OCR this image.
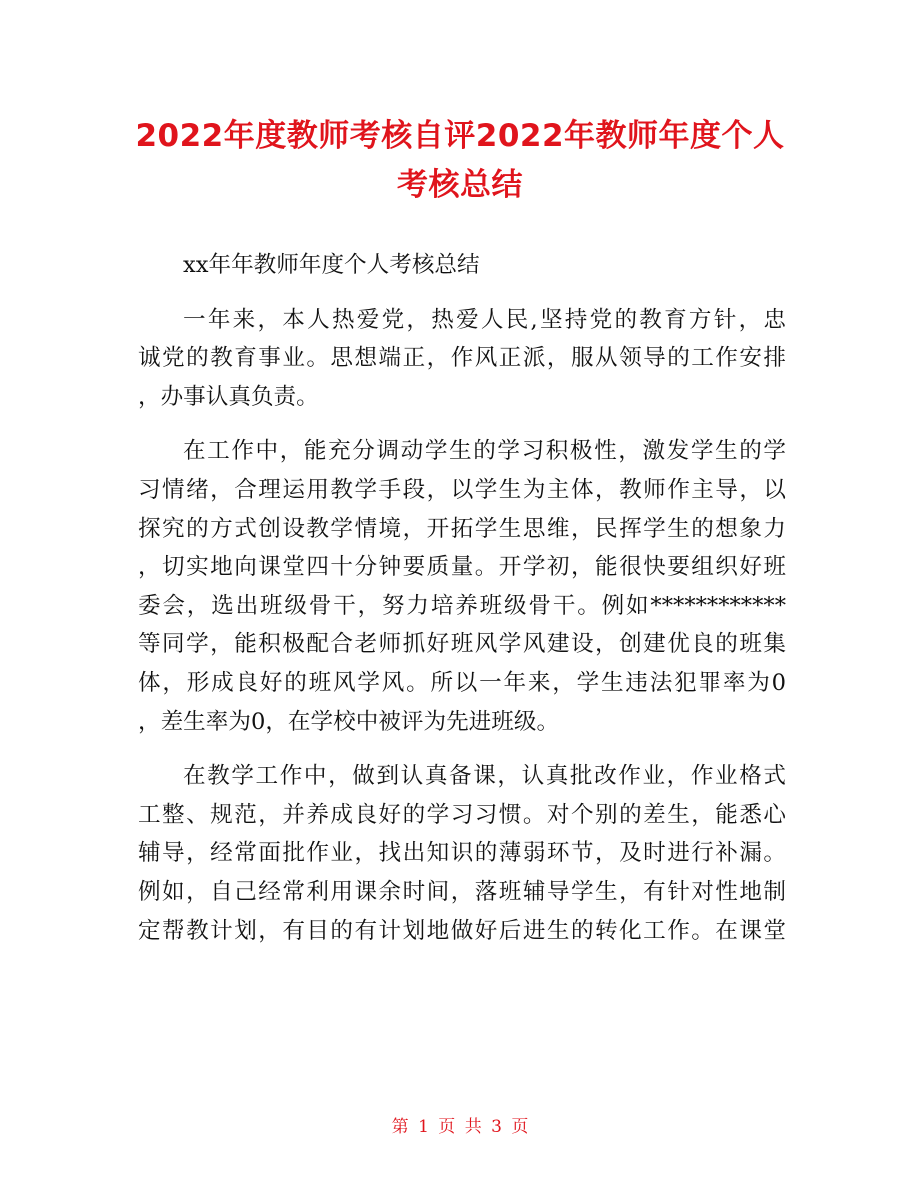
2022年度教师考核自评2022年教师年度个人
考核总结
xx年年教师年度个人考核总结
一年来，本人热爱党，热爱人民,坚持党的教育方针，忠
诚党的教育事业。思想端正，作风正派，服从领导的工作安排
，办事认真负责。
在工作中，能充分调动学生的学习积极性，激发学生的学
习情绪，合理运用教学手段，以学生为主体，教师作主导，以
探究的方式创设教学情境，开拓学生思维，民挥学生的想象力
，切实地向课堂四十分钟要质量。开学初，能很快要组织好班
委会，选出班级骨干，努力培养班级骨干。例如************
等同学，能积极配合老师抓好班风学风建设，创建优良的班集
体，形成良好的班风学风。所以一年来，学生违法犯罪率为0
，差生率为0，在学校中被评为先进班级。
在教学工作中，做到认真备课，认真批改作业，作业格式
工整、规范，并养成良好的学习习惯。对个别的差生，能悉心
辅导，经常面批作业，找出知识的薄弱环节，及时进行补漏。
例如，自己经常利用课余时间，落班辅导学生，有针对性地制
定帮教计划，有目的有计划地做好后进生的转化工作。在课堂
第 1 页 共 3 页
